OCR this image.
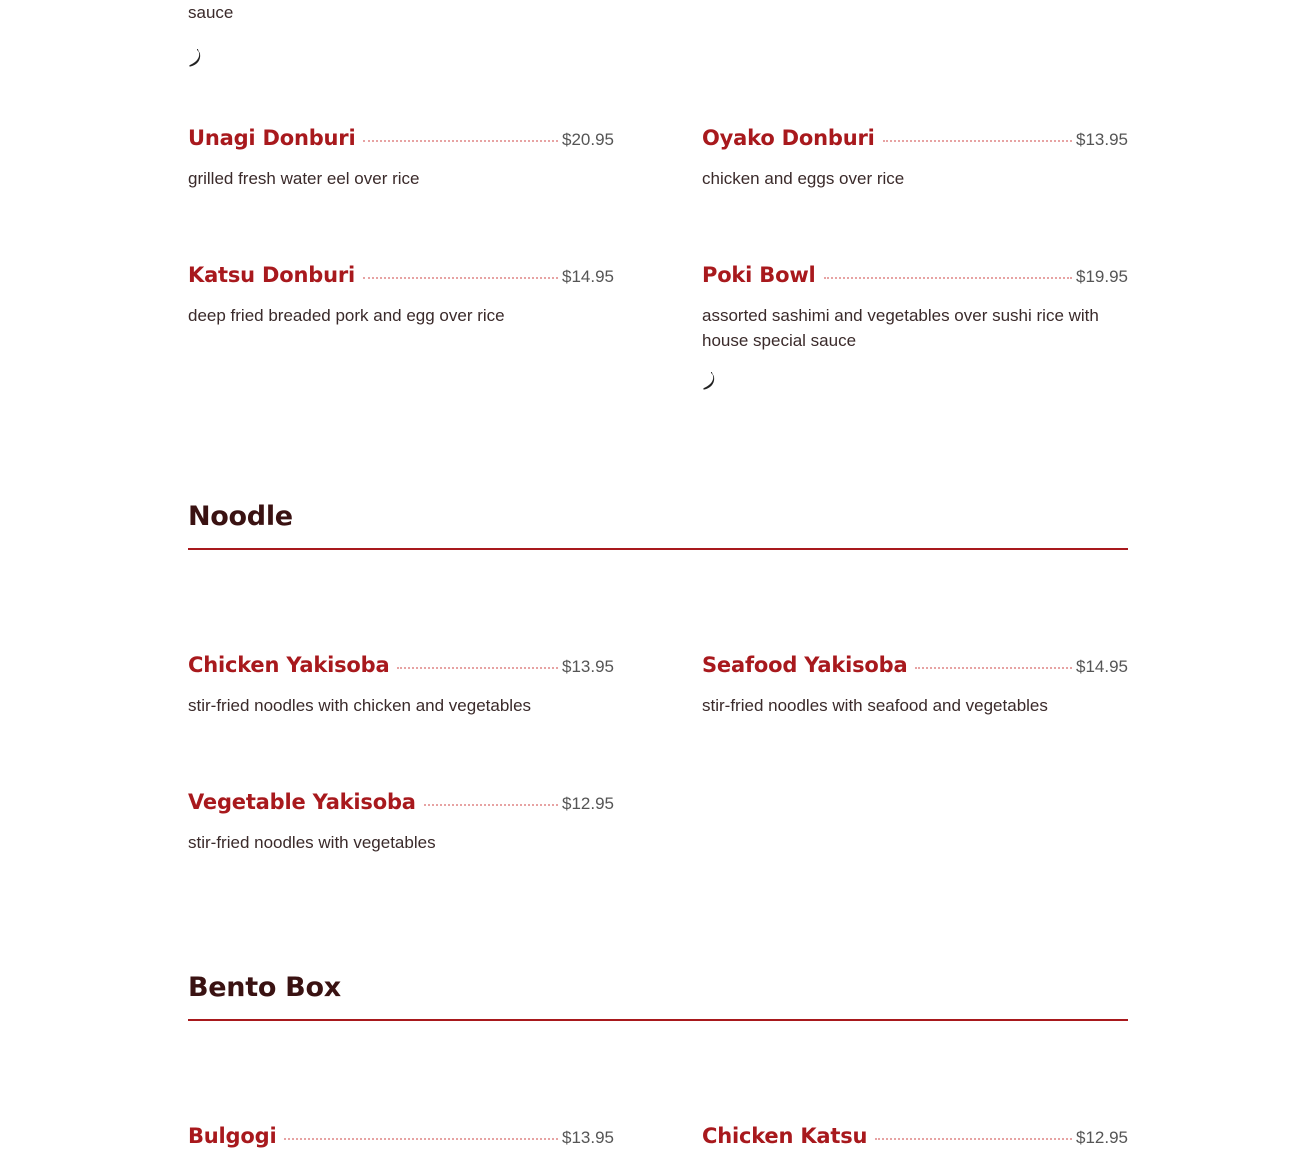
sauce
Unagi Donburi	$20.95
grilled fresh water eel over rice
Oyako Donburi	$13.95
chicken and eggs over rice
Katsu Donburi	$14.95
deep fried breaded pork and egg over rice
Poki Bowl	$19.95
assorted sashimi and vegetables over sushi rice with house special sauce
Noodle
Chicken Yakisoba	$13.95
stir-fried noodles with chicken and vegetables
Seafood Yakisoba	$14.95
stir-fried noodles with seafood and vegetables
Vegetable Yakisoba	$12.95
stir-fried noodles with vegetables
Bento Box
Bulgogi	$13.95	Chicken Katsu	$12.95
